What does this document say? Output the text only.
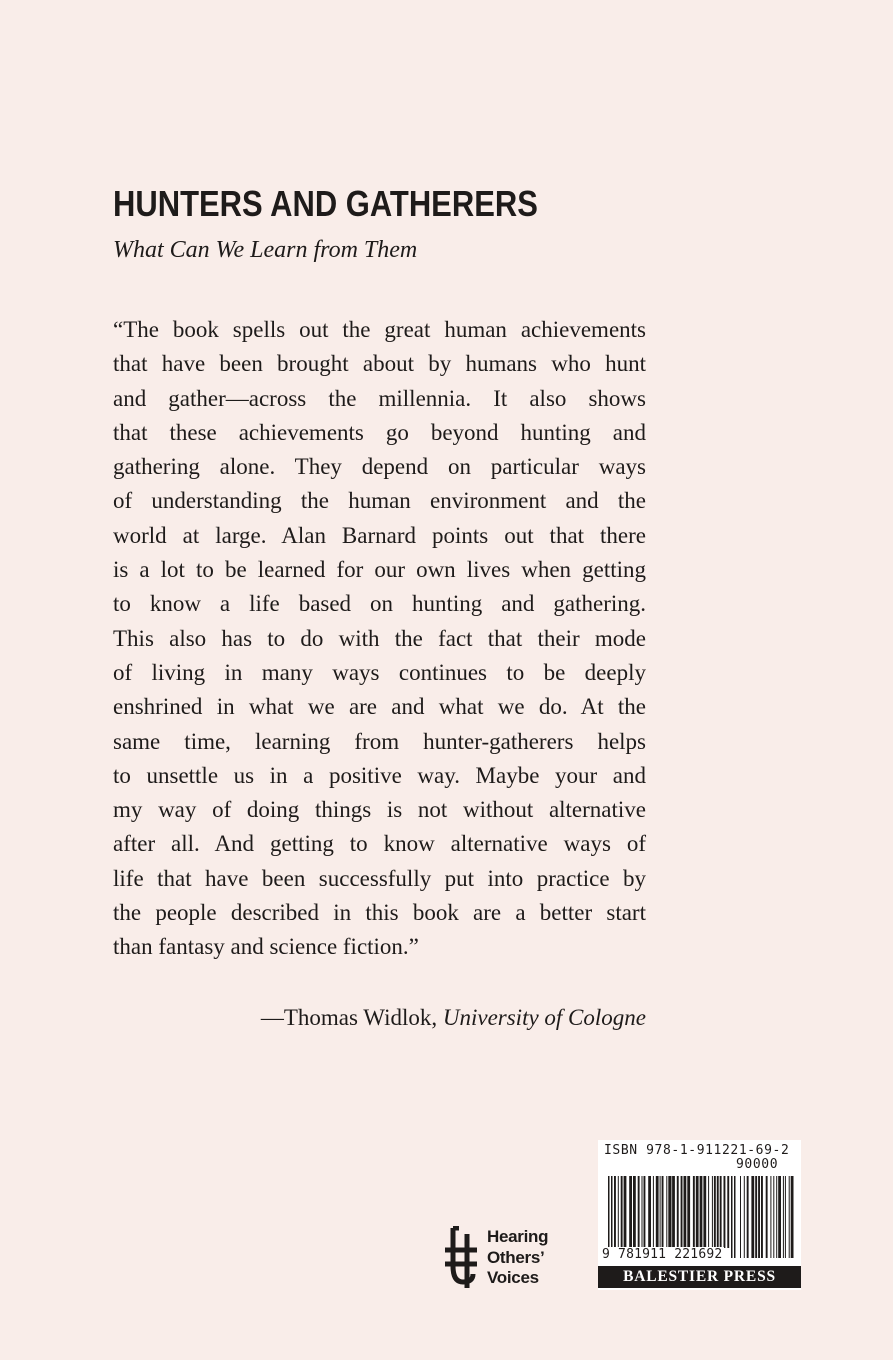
HUNTERS AND GATHERERS
What Can We Learn from Them
“The book spells out the great human achievements
that have been brought about by humans who hunt
and gather—across the millennia. It also shows
that these achievements go beyond hunting and
gathering alone. They depend on particular ways
of understanding the human environment and the
world at large. Alan Barnard points out that there
is a lot to be learned for our own lives when getting
to know a life based on hunting and gathering.
This also has to do with the fact that their mode
of living in many ways continues to be deeply
enshrined in what we are and what we do. At the
same time, learning from hunter-gatherers helps
to unsettle us in a positive way. Maybe your and
my way of doing things is not without alternative
after all. And getting to know alternative ways of
life that have been successfully put into practice by
the people described in this book are a better start
than fantasy and science fiction.”
—Thomas Widlok, University of Cologne
Hearing
Others’
Voices
ISBN 978-1-911221-69-2
90000
9 781911 221692
BALESTIER PRESS
